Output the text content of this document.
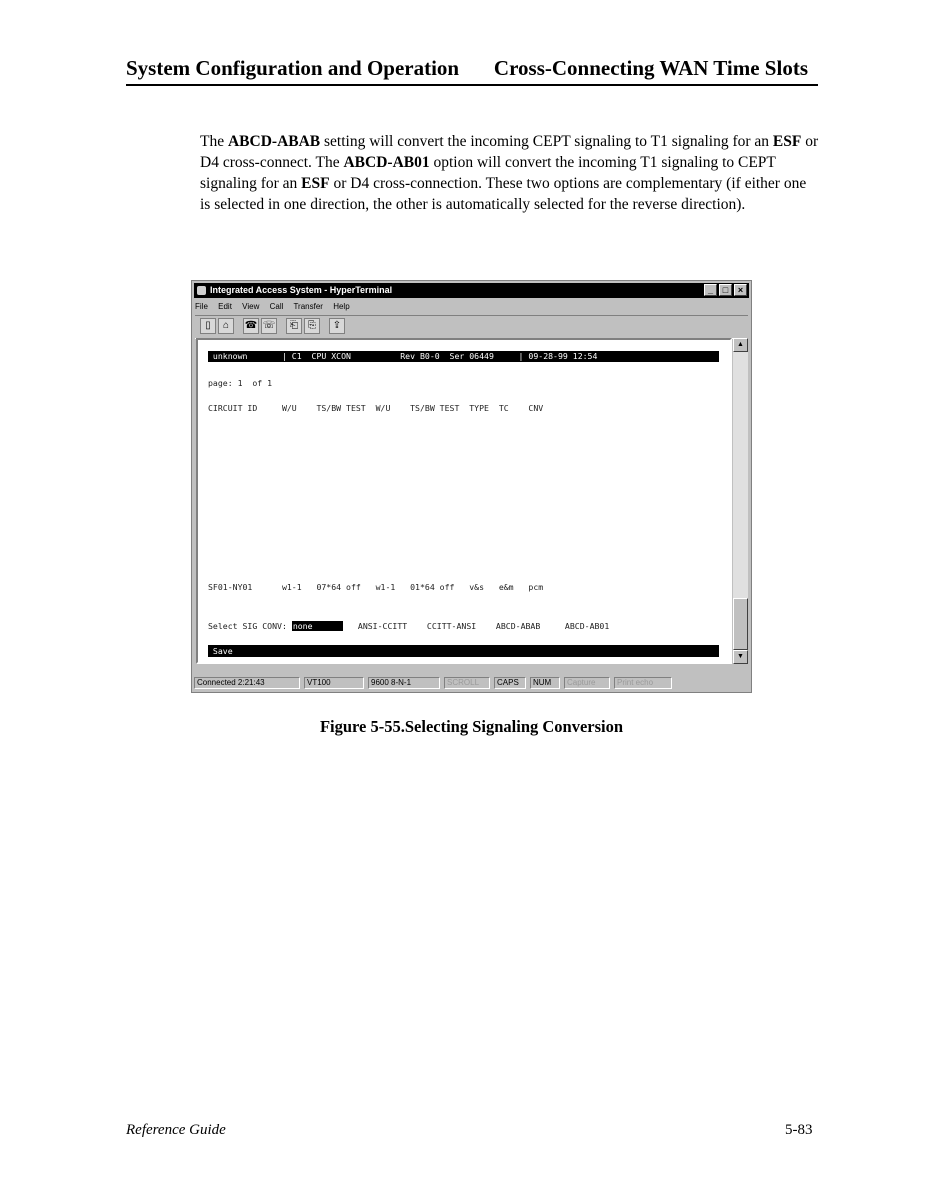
System Configuration and Operation Cross-Connecting WAN Time Slots
The ABCD-ABAB setting will convert the incoming CEPT signaling to T1 signaling for an ESF or D4 cross-connect. The ABCD-AB01 option will convert the incoming T1 signaling to CEPT signaling for an ESF or D4 cross-connection. These two options are complementary (if either one is selected in one direction, the other is automatically selected for the reverse direction).
Integrated Access System - HyperTerminal	_	□	×
File Edit View Call Transfer Help
▯	⌂	☎ ☏	⎗	⎘	⇪
unknown       | C1  CPU XCON          Rev B0-0  Ser 06449     | 09-28-99 12:54
page: 1  of 1
CIRCUIT ID     W/U    TS/BW TEST  W/U    TS/BW TEST  TYPE  TC    CNV
SF01-NY01      w1-1   07*64 off   w1-1   01*64 off   v&s   e&m   pcm
Select SIG CONV: none         ANSI-CCITT    CCITT-ANSI    ABCD-ABAB     ABCD-AB01
Save
▲
▼
Connected 2:21:43	VT100	9600 8-N-1	SCROLL	CAPS	NUM	Capture	Print echo
Figure 5-55.Selecting Signaling Conversion
Reference Guide	5-83
